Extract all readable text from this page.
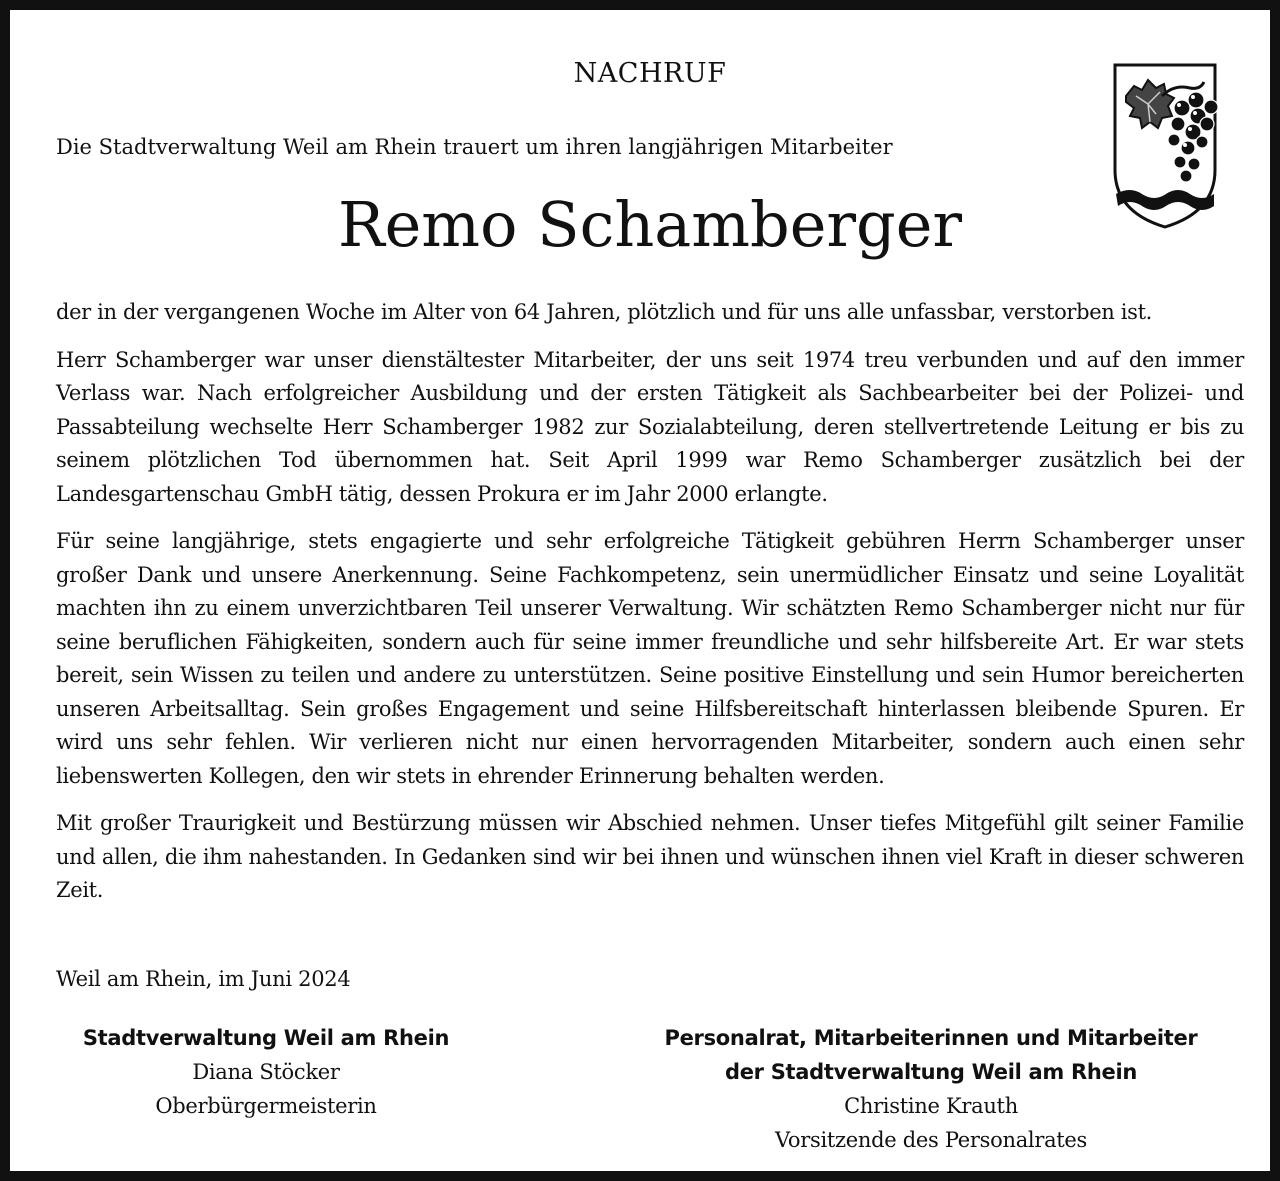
NACHRUF
Die Stadtverwaltung Weil am Rhein trauert um ihren langjährigen Mitarbeiter
Remo Schamberger

der in der vergangenen Woche im Alter von 64 Jahren, plötzlich und für uns alle unfassbar, verstorben ist.

Herr Schamberger war unser dienstältester Mitarbeiter, der uns seit 1974 treu verbunden und auf den immer Verlass war. Nach erfolgreicher Ausbildung und der ersten Tätigkeit als Sachbearbeiter bei der Polizei- und Passabteilung wechselte Herr Schamberger 1982 zur Sozialabteilung, deren stellvertretende Leitung er bis zu seinem plötzlichen Tod übernommen hat. Seit April 1999 war Remo Schamberger zusätzlich bei der Landesgartenschau GmbH tätig, dessen Prokura er im Jahr 2000 erlangte.

Für seine langjährige, stets engagierte und sehr erfolgreiche Tätigkeit gebühren Herrn Schamberger unser großer Dank und unsere Anerkennung. Seine Fachkompetenz, sein unermüdlicher Einsatz und seine Loyalität machten ihn zu einem unverzichtbaren Teil unserer Verwaltung. Wir schätzten Remo Schamberger nicht nur für seine beruflichen Fähigkeiten, sondern auch für seine immer freundliche und sehr hilfsbereite Art. Er war stets bereit, sein Wissen zu teilen und andere zu unterstützen. Seine positive Einstellung und sein Humor bereicherten unseren Arbeitsalltag. Sein großes Engagement und seine Hilfsbereitschaft hinterlassen bleibende Spuren. Er wird uns sehr fehlen. Wir verlieren nicht nur einen hervorragenden Mitarbeiter, sondern auch einen sehr liebenswerten Kollegen, den wir stets in ehrender Erinnerung behalten werden.

Mit großer Traurigkeit und Bestürzung müssen wir Abschied nehmen. Unser tiefes Mitgefühl gilt seiner Familie und allen, die ihm nahestanden. In Gedanken sind wir bei ihnen und wünschen ihnen viel Kraft in dieser schweren Zeit.

Weil am Rhein, im Juni 2024
Stadtverwaltung Weil am Rhein
Diana Stöcker
Oberbürgermeisterin
Personalrat, Mitarbeiterinnen und Mitarbeiter
der Stadtverwaltung Weil am Rhein
Christine Krauth
Vorsitzende des Personalrates
